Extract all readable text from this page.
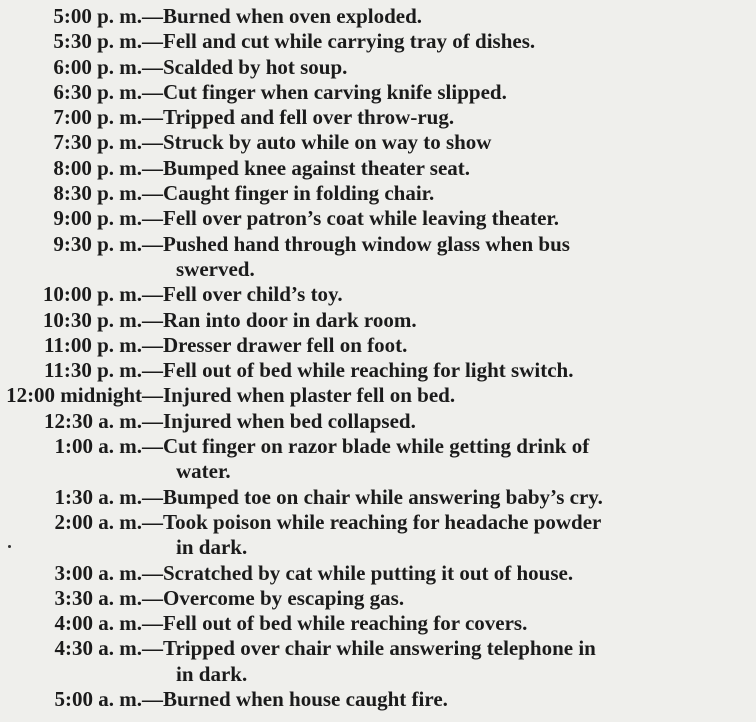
5:00 p. m. —Burned when oven exploded.
5:30 p. m. —Fell and cut while carrying tray of dishes.
6:00 p. m. —Scalded by hot soup.
6:30 p. m. —Cut finger when carving knife slipped.
7:00 p. m. —Tripped and fell over throw-rug.
7:30 p. m. —Struck by auto while on way to show
8:00 p. m. —Bumped knee against theater seat.
8:30 p. m. —Caught finger in folding chair.
9:00 p. m. —Fell over patron’s coat while leaving theater.
9:30 p. m. —Pushed hand through window glass when bus
swerved.
10:00 p. m. —Fell over child’s toy.
10:30 p. m. —Ran into door in dark room.
11:00 p. m. —Dresser drawer fell on foot.
11:30 p. m. —Fell out of bed while reaching for light switch.
12:00 midnight —Injured when plaster fell on bed.
12:30 a. m. —Injured when bed collapsed.
1:00 a. m. —Cut finger on razor blade while getting drink of
water.
1:30 a. m. —Bumped toe on chair while answering baby’s cry.
2:00 a. m. —Took poison while reaching for headache powder
in dark.
3:00 a. m. —Scratched by cat while putting it out of house.
3:30 a. m. —Overcome by escaping gas.
4:00 a. m. —Fell out of bed while reaching for covers.
4:30 a. m. —Tripped over chair while answering telephone in
in dark.
5:00 a. m. —Burned when house caught fire.
